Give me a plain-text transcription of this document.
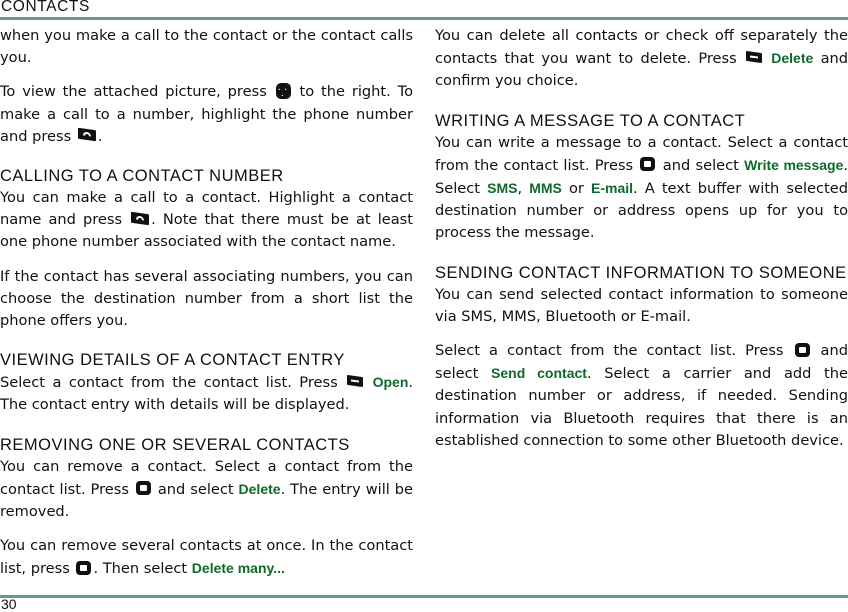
CONTACTS

when you make a call to the contact or the contact calls you.

To view the attached picture, press · · · to the right. To make a call to a number, highlight the phone number and press .

CALLING TO A CONTACT NUMBER

You can make a call to a contact. Highlight a contact name and press . Note that there must be at least one phone number associated with the contact name.

If the contact has several associating numbers, you can choose the destination number from a short list the phone offers you.

VIEWING DETAILS OF A CONTACT ENTRY

Select a contact from the contact list. Press Open. The contact entry with details will be displayed.

REMOVING ONE OR SEVERAL CONTACTS

You can remove a contact. Select a contact from the contact list. Press and select Delete. The entry will be removed.

You can remove several contacts at once. In the contact list, press . Then select Delete many...

You can delete all contacts or check off separately the contacts that you want to delete. Press Delete and confirm you choice.

WRITING A MESSAGE TO A CONTACT

You can write a message to a contact. Select a contact from the contact list. Press and select Write message. Select SMS, MMS or E-mail. A text buffer with selected destination number or address opens up for you to process the message.

SENDING CONTACT INFORMATION TO SOMEONE

You can send selected contact information to someone via SMS, MMS, Bluetooth or E-mail.

Select a contact from the contact list. Press	and select Send contact. Select a carrier and add the destination number or address, if needed. Sending information via Bluetooth requires that there is an established connection to some other Bluetooth device.

30
